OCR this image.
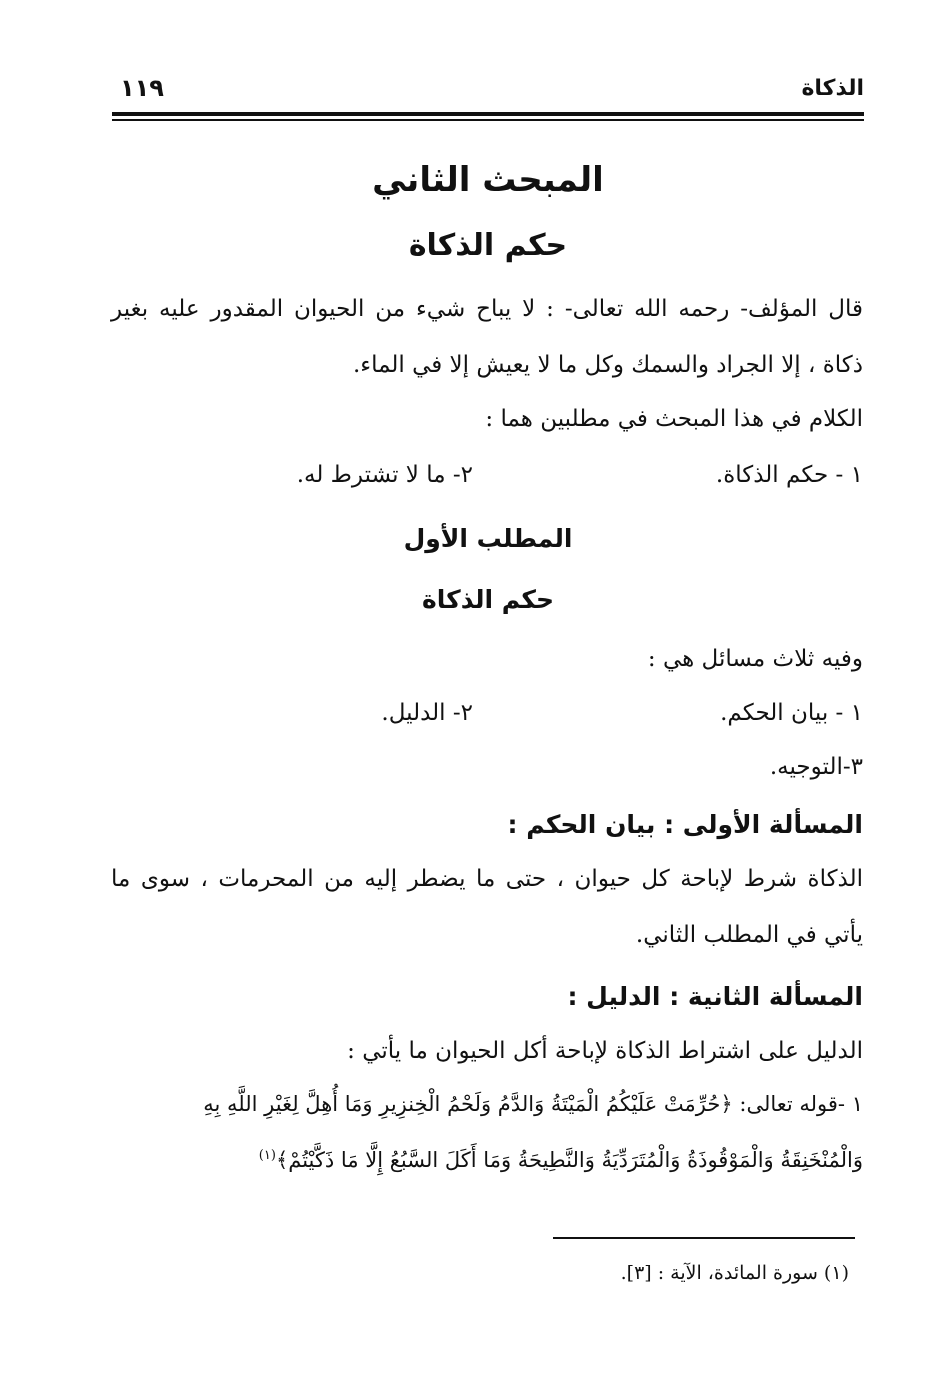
الذكاة
١١٩
المبحث الثاني
حكم الذكاة
قال المؤلف- رحمه الله تعالى- : لا يباح شيء من الحيوان المقدور عليه بغير
ذكاة ، إلا الجراد والسمك وكل ما لا يعيش إلا في الماء.
الكلام في هذا المبحث في مطلبين هما :
١ - حكم الذكاة.
٢- ما لا تشترط له.
المطلب الأول
حكم الذكاة
وفيه ثلاث مسائل هي :
١ - بيان الحكم.
٢- الدليل.
٣-التوجيه.
المسألة الأولى : بيان الحكم :
الذكاة شرط لإباحة كل حيوان ، حتى ما يضطر إليه من المحرمات ، سوى ما
يأتي في المطلب الثاني.
المسألة الثانية : الدليل :
الدليل على اشتراط الذكاة لإباحة أكل الحيوان ما يأتي :
١ -قوله تعالى: ﴿حُرِّمَتْ عَلَيْكُمُ الْمَيْتَةُ وَالدَّمُ وَلَحْمُ الْخِنزِيرِ وَمَا أُهِلَّ لِغَيْرِ اللَّهِ بِهِ
وَالْمُنْخَنِقَةُ وَالْمَوْقُوذَةُ وَالْمُتَرَدِّيَةُ وَالنَّطِيحَةُ وَمَا أَكَلَ السَّبُعُ إِلَّا مَا ذَكَّيْتُمْ﴾$^{(١)}$
(١) سورة المائدة، الآية : [٣].
